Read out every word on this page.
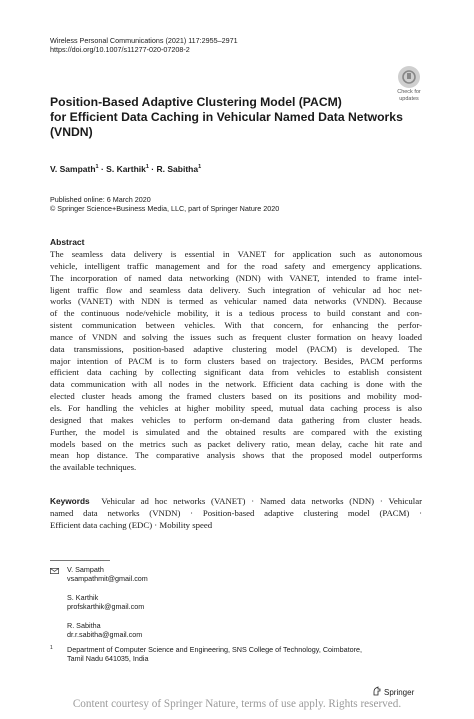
Wireless Personal Communications (2021) 117:2955–2971
https://doi.org/10.1007/s11277-020-07208-2
Check for
updates
Position-Based Adaptive Clustering Model (PACM)
for Efficient Data Caching in Vehicular Named Data Networks
(VNDN)
V. Sampath$^1$ · S. Karthik$^1$ · R. Sabitha$^1$
Published online: 6 March 2020
© Springer Science+Business Media, LLC, part of Springer Nature 2020
Abstract
The seamless data delivery is essential in VANET for application such as autonomous
vehicle, intelligent traffic management and for the road safety and emergency applications.
The incorporation of named data networking (NDN) with VANET, intended to frame intel-
ligent traffic flow and seamless data delivery. Such integration of vehicular ad hoc net-
works (VANET) with NDN is termed as vehicular named data networks (VNDN). Because
of the continuous node/vehicle mobility, it is a tedious process to build constant and con-
sistent communication between vehicles. With that concern, for enhancing the perfor-
mance of VNDN and solving the issues such as frequent cluster formation on heavy loaded
data transmissions, position-based adaptive clustering model (PACM) is developed. The
major intention of PACM is to form clusters based on trajectory. Besides, PACM performs
efficient data caching by collecting significant data from vehicles to establish consistent
data communication with all nodes in the network. Efficient data caching is done with the
elected cluster heads among the framed clusters based on its positions and mobility mod-
els. For handling the vehicles at higher mobility speed, mutual data caching process is also
designed that makes vehicles to perform on-demand data gathering from cluster heads.
Further, the model is simulated and the obtained results are compared with the existing
models based on the metrics such as packet delivery ratio, mean delay, cache hit rate and
mean hop distance. The comparative analysis shows that the proposed model outperforms
the available techniques.
Keywords Vehicular ad hoc networks (VANET) · Named data networks (NDN) · Vehicular
named data networks (VNDN) · Position-based adaptive clustering model (PACM) ·
Efficient data caching (EDC) · Mobility speed
V. Sampath
vsampathmit@gmail.com
S. Karthik
profskarthik@gmail.com
R. Sabitha
dr.r.sabitha@gmail.com
1	Department of Computer Science and Engineering, SNS College of Technology, Coimbatore,
Tamil Nadu 641035, India
Springer
Content courtesy of Springer Nature, terms of use apply. Rights reserved.
